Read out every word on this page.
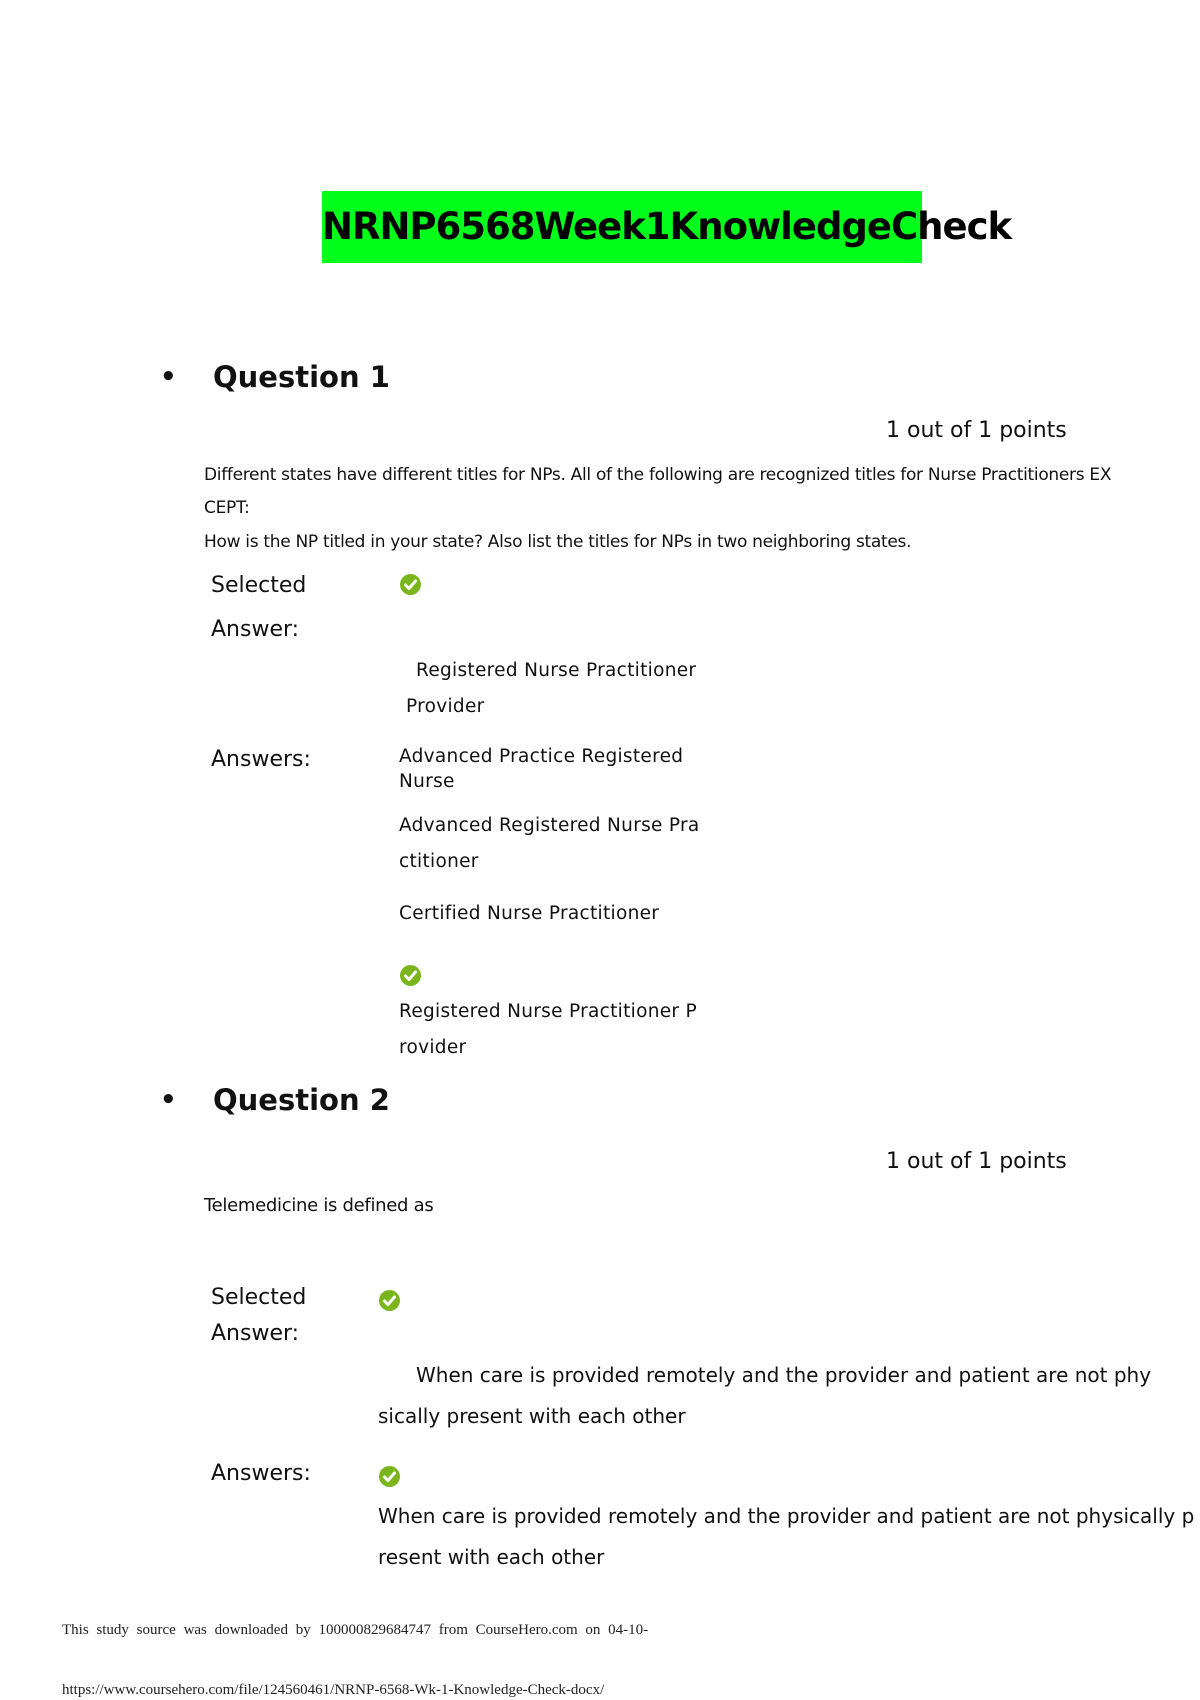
NRNP6568Week1KnowledgeCheck
• Question 1
1 out of 1 points
Different states have different titles for NPs. All of the following are recognized titles for Nurse Practitioners EX
CEPT:
How is the NP titled in your state? Also list the titles for NPs in two neighboring states.
Selected
Answer:
Registered Nurse Practitioner
Provider
Answers:	Advanced Practice Registered
Nurse
Advanced Registered Nurse Pra
ctitioner
Certified Nurse Practitioner
Registered Nurse Practitioner P
rovider
• Question 2
1 out of 1 points
Telemedicine is defined as
Selected
Answer:
When care is provided remotely and the provider and patient are not phy
sically present with each other
Answers:
When care is provided remotely and the provider and patient are not physically p
resent with each other
This study source was downloaded by 100000829684747 from CourseHero.com on 04-10-
https://www.coursehero.com/file/124560461/NRNP-6568-Wk-1-Knowledge-Check-docx/
